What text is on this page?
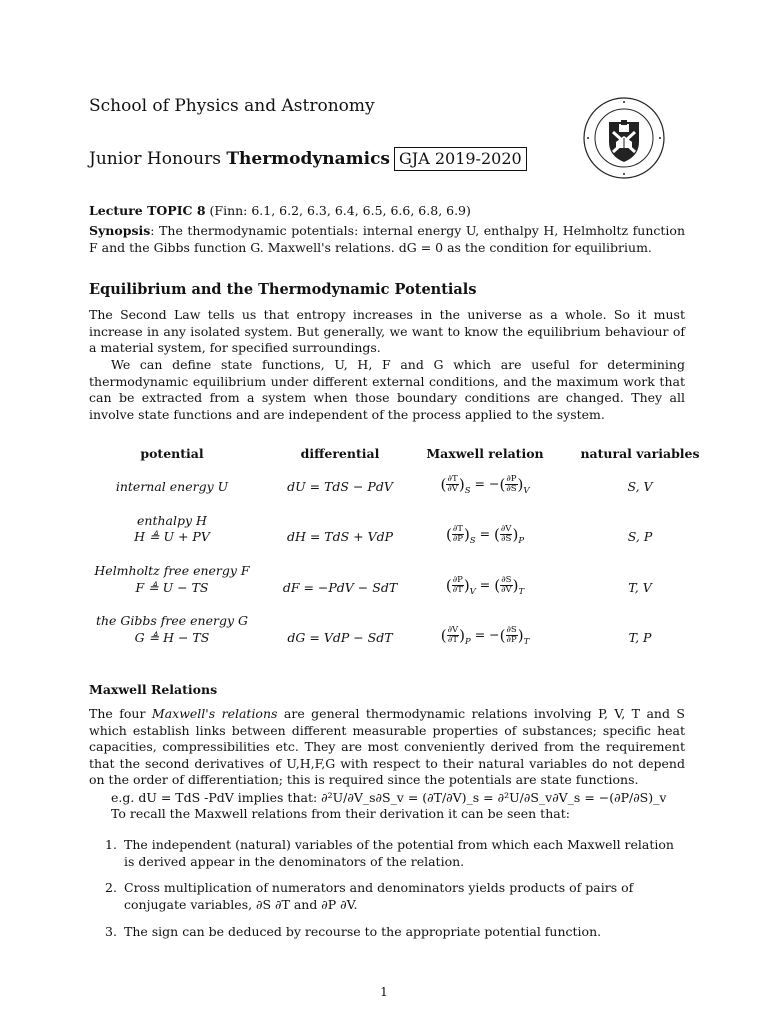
School of Physics and Astronomy
Junior Honours Thermodynamics GJA 2019-2020
Lecture TOPIC 8 (Finn: 6.1, 6.2, 6.3, 6.4, 6.5, 6.6, 6.8, 6.9)
Synopsis: The thermodynamic potentials: internal energy U, enthalpy H, Helmholtz function F and the Gibbs function G. Maxwell's relations. dG = 0 as the condition for equilibrium.
Equilibrium and the Thermodynamic Potentials
The Second Law tells us that entropy increases in the universe as a whole. So it must increase in any isolated system. But generally, we want to know the equilibrium behaviour of a material system, for specified surroundings.
We can define state functions, U, H, F and G which are useful for determining thermodynamic equilibrium under different external conditions, and the maximum work that can be extracted from a system when those boundary conditions are changed. They all involve state functions and are independent of the process applied to the system.
potential	differential	Maxwell relation	natural variables
internal energy U	dU = TdS − PdV	( $\frac{\partial T}{\partial V} )_S$ = −( $\frac{\partial P}{\partial S} )_V$	S, V
enthalpy H
H ≜ U + PV	dH = TdS + VdP	( $\frac{\partial T}{\partial P} )_S$ = ( $\frac{\partial V}{\partial S} )_P$	S, P
Helmholtz free energy F
F ≜ U − TS	dF = −PdV − SdT	( $\frac{\partial P}{\partial T} )_V$ = ( $\frac{\partial S}{\partial V} )_T$	T, V
the Gibbs free energy G
G ≜ H − TS	dG = VdP − SdT	( $\frac{\partial V}{\partial T} )_P$ = −( $\frac{\partial S}{\partial P} )_T$	T, P
Maxwell Relations
The four Maxwell's relations are general thermodynamic relations involving P, V, T and S which establish links between different measurable properties of substances; specific heat capacities, compressibilities etc. They are most conveniently derived from the requirement that the second derivatives of U,H,F,G with respect to their natural variables do not depend on the order of differentiation; this is required since the potentials are state functions.
e.g. dU = TdS -PdV implies that: ∂²U/∂V_s∂S_v = (∂T/∂V)_s = ∂²U/∂S_v∂V_s = −(∂P/∂S)_v
To recall the Maxwell relations from their derivation it can be seen that:
1. The independent (natural) variables of the potential from which each Maxwell relation is derived appear in the denominators of the relation.
2. Cross multiplication of numerators and denominators yields products of pairs of conjugate variables, ∂S ∂T and ∂P ∂V.
3. The sign can be deduced by recourse to the appropriate potential function.
1
